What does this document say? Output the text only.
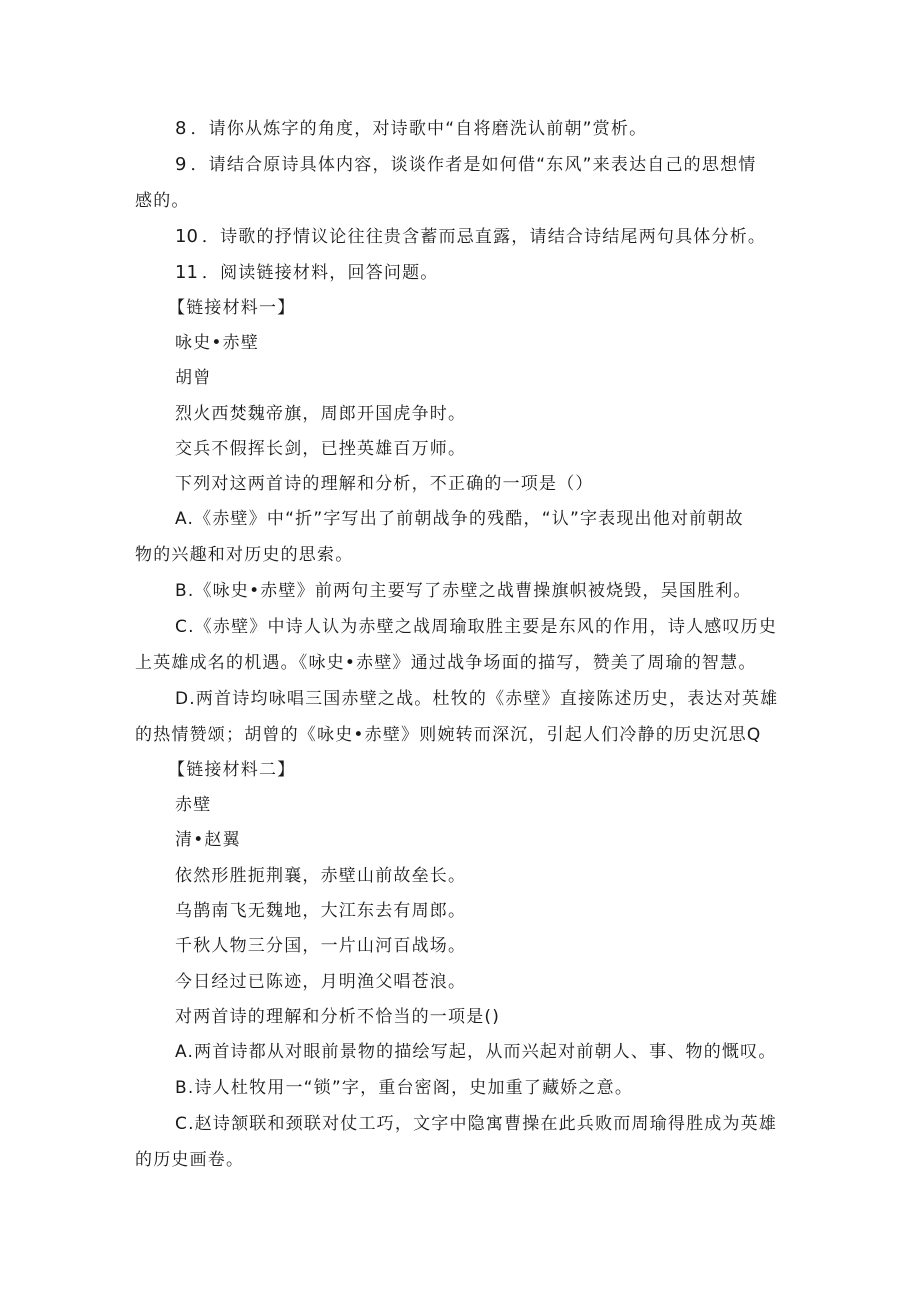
8 ．请你从炼字的角度，对诗歌中“自将磨洗认前朝”赏析。
9 ．请结合原诗具体内容，谈谈作者是如何借“东风”来表达自己的思想情
感的。
10 ．诗歌的抒情议论往往贵含蓄而忌直露，请结合诗结尾两句具体分析。
11 ．阅读链接材料，回答问题。
【链接材料一】
咏史•赤壁
胡曾
烈火西焚魏帝旗，周郎开国虎争时。
交兵不假挥长剑，已挫英雄百万师。
下列对这两首诗的理解和分析，不正确的一项是（）
A.《赤壁》中“折”字写出了前朝战争的残酷，“认”字表现出他对前朝故
物的兴趣和对历史的思索。
B.《咏史•赤壁》前两句主要写了赤壁之战曹操旗帜被烧毁，吴国胜利。
C.《赤壁》中诗人认为赤壁之战周瑜取胜主要是东风的作用，诗人感叹历史
上英雄成名的机遇。《咏史•赤壁》通过战争场面的描写，赞美了周瑜的智慧。
D.两首诗均咏唱三国赤壁之战。杜牧的《赤壁》直接陈述历史，表达对英雄
的热情赞颂；胡曾的《咏史•赤壁》则婉转而深沉，引起人们冷静的历史沉思Q
【链接材料二】
赤壁
清•赵翼
依然形胜扼荆襄，赤壁山前故垒长。
乌鹊南飞无魏地，大江东去有周郎。
千秋人物三分国，一片山河百战场。
今日经过已陈迹，月明渔父唱苍浪。
对两首诗的理解和分析不恰当的一项是()
A.两首诗都从对眼前景物的描绘写起，从而兴起对前朝人、事、物的慨叹。
B.诗人杜牧用一“锁”字，重台密阁，史加重了藏娇之意。
C.赵诗颔联和颈联对仗工巧，文字中隐寓曹操在此兵败而周瑜得胜成为英雄
的历史画卷。
